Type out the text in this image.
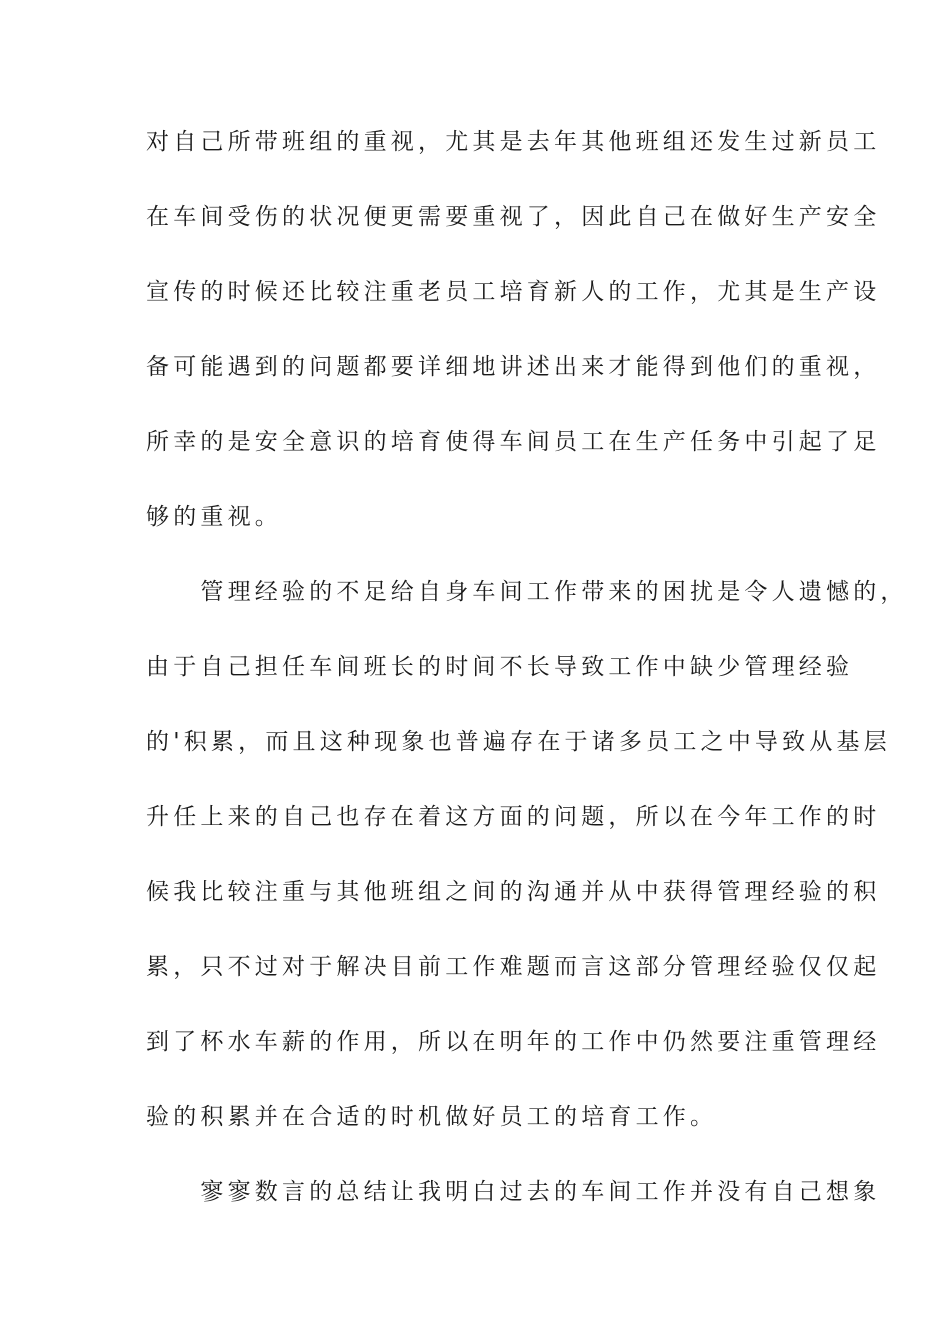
对自己所带班组的重视，尤其是去年其他班组还发生过新员工
在车间受伤的状况便更需要重视了，因此自己在做好生产安全
宣传的时候还比较注重老员工培育新人的工作，尤其是生产设
备可能遇到的问题都要详细地讲述出来才能得到他们的重视，
所幸的是安全意识的培育使得车间员工在生产任务中引起了足
够的重视。
　　管理经验的不足给自身车间工作带来的困扰是令人遗憾的，
由于自己担任车间班长的时间不长导致工作中缺少管理经验
的'积累，而且这种现象也普遍存在于诸多员工之中导致从基层
升任上来的自己也存在着这方面的问题，所以在今年工作的时
候我比较注重与其他班组之间的沟通并从中获得管理经验的积
累，只不过对于解决目前工作难题而言这部分管理经验仅仅起
到了杯水车薪的作用，所以在明年的工作中仍然要注重管理经
验的积累并在合适的时机做好员工的培育工作。
　　寥寥数言的总结让我明白过去的车间工作并没有自己想象
